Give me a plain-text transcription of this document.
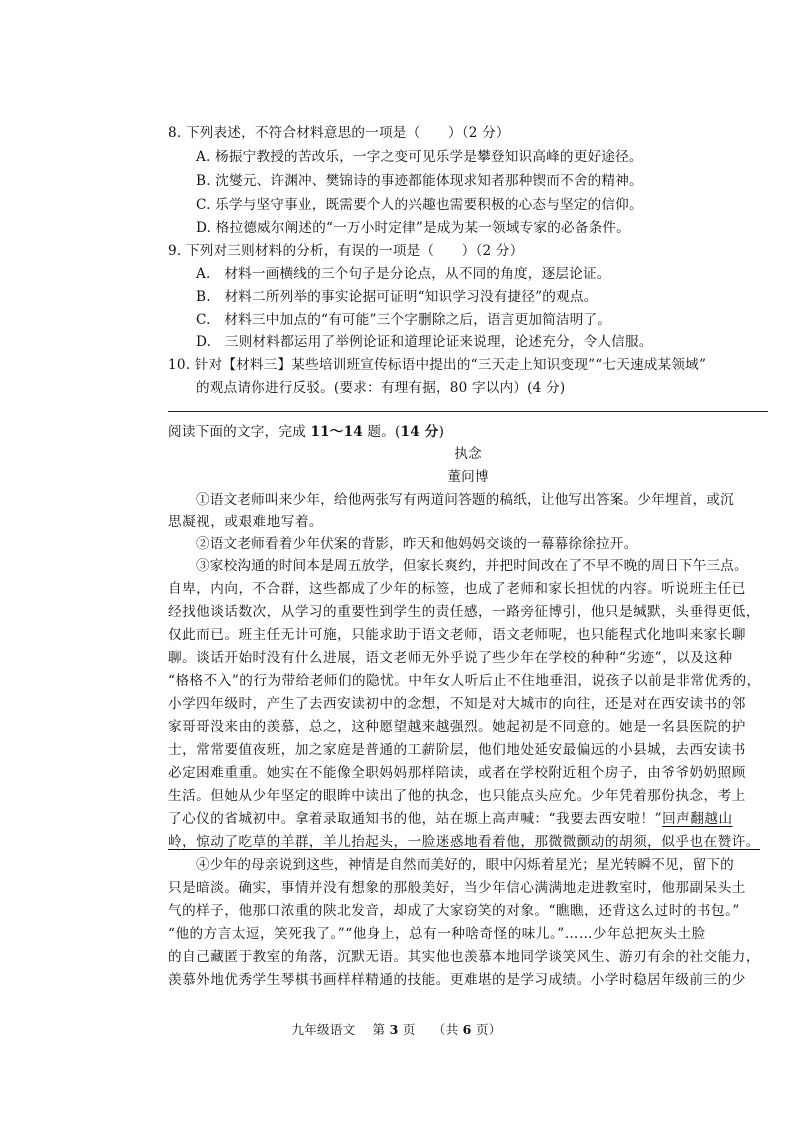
8. 下列表述，不符合材料意思的一项是（　　）（2 分）
A. 杨振宁教授的苦改乐，一字之变可见乐学是攀登知识高峰的更好途径。
B. 沈燮元、许渊冲、樊锦诗的事迹都能体现求知者那种锲而不舍的精神。
C. 乐学与坚守事业，既需要个人的兴趣也需要积极的心态与坚定的信仰。
D. 格拉德威尔阐述的“一万小时定律”是成为某一领域专家的必备条件。
9. 下列对三则材料的分析，有误的一项是（　　）（2 分）
A.　材料一画横线的三个句子是分论点，从不同的角度，逐层论证。
B.　材料二所列举的事实论据可证明“知识学习没有捷径”的观点。
C.　材料三中加点的“有可能”三个字删除之后，语言更加简洁明了。
D.　三则材料都运用了举例论证和道理论证来说理，论述充分，令人信服。
10. 针对【材料三】某些培训班宣传标语中提出的“三天走上知识变现”“七天速成某领域”
的观点请你进行反驳。(要求：有理有据，80 字以内）(4 分)
阅读下面的文字，完成 11～14 题。(14 分)
执念
董问博
①语文老师叫来少年，给他两张写有两道问答题的稿纸，让他写出答案。少年埋首，或沉
思凝视，或艰难地写着。
②语文老师看着少年伏案的背影，昨天和他妈妈交谈的一幕幕徐徐拉开。
③家校沟通的时间本是周五放学，但家长爽约，并把时间改在了不早不晚的周日下午三点。
自卑，内向，不合群，这些都成了少年的标签，也成了老师和家长担忧的内容。听说班主任已
经找他谈话数次，从学习的重要性到学生的责任感，一路旁征博引，他只是缄默，头垂得更低，
仅此而已。班主任无计可施，只能求助于语文老师，语文老师呢，也只能程式化地叫来家长聊
聊。谈话开始时没有什么进展，语文老师无外乎说了些少年在学校的种种“劣迹”，以及这种
“格格不入”的行为带给老师们的隐忧。中年女人听后止不住地垂泪，说孩子以前是非常优秀的，
小学四年级时，产生了去西安读初中的念想，不知是对大城市的向往，还是对在西安读书的邻
家哥哥没来由的羡慕，总之，这种愿望越来越强烈。她起初是不同意的。她是一名县医院的护
士，常常要值夜班，加之家庭是普通的工薪阶层，他们地处延安最偏远的小县城，去西安读书
必定困难重重。她实在不能像全职妈妈那样陪读，或者在学校附近租个房子，由爷爷奶奶照顾
生活。但她从少年坚定的眼眸中读出了他的执念，也只能点头应允。少年凭着那份执念，考上
了心仪的省城初中。拿着录取通知书的他，站在塬上高声喊：“我要去西安啦！”回声翻越山
岭，惊动了吃草的羊群，羊儿抬起头，一脸迷惑地看着他，那微微颤动的胡须，似乎也在赞许。
④少年的母亲说到这些，神情是自然而美好的，眼中闪烁着星光；星光转瞬不见，留下的
只是暗淡。确实，事情并没有想象的那般美好，当少年信心满满地走进教室时，他那副呆头土
气的样子，他那口浓重的陕北发音，却成了大家窃笑的对象。“瞧瞧，还背这么过时的书包。”
“他的方言太逗，笑死我了。”“他身上，总有一种啥奇怪的味儿。”……少年总把灰头土脸
的自己藏匿于教室的角落，沉默无语。其实他也羡慕本地同学谈笑风生、游刃有余的社交能力，
羡慕外地优秀学生琴棋书画样样精通的技能。更难堪的是学习成绩。小学时稳居年级前三的少
九年级语文 第 3 页 （共 6 页）
